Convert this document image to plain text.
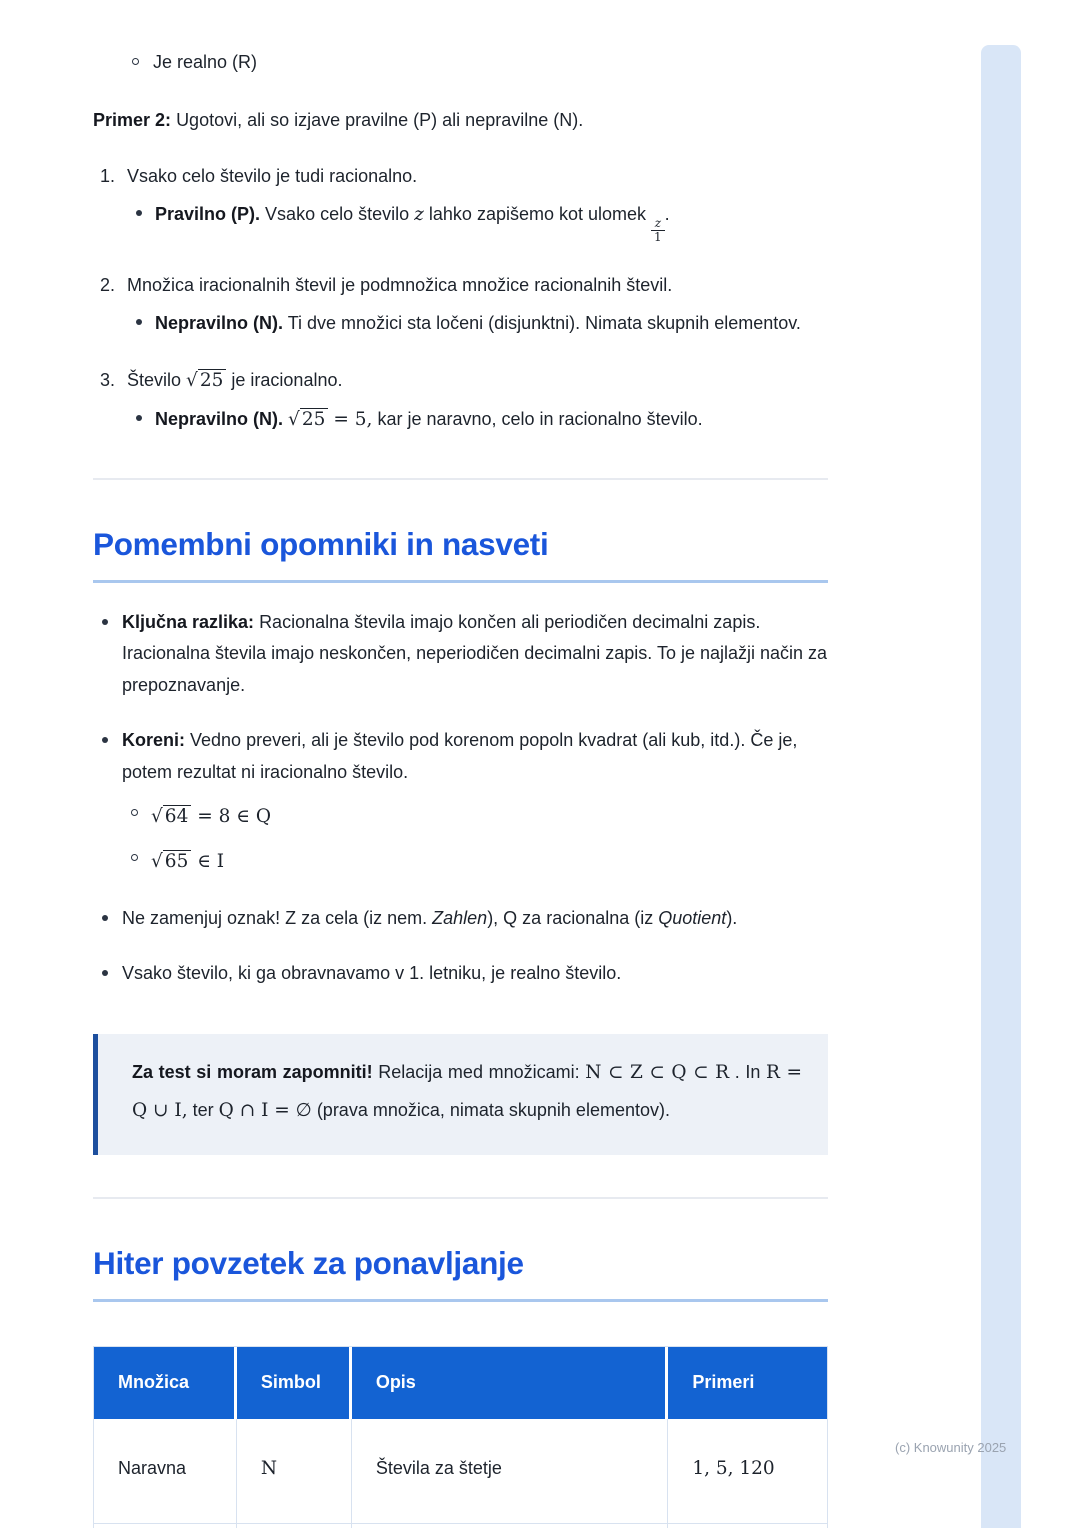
Je realno (R)

Primer 2: Ugotovi, ali so izjave pravilne (P) ali nepravilne (N).

1. Vsako celo število je tudi racionalno.
Pravilno (P). Vsako celo število z lahko zapišemo kot ulomek
$\frac{z}{1}$
.
2. Množica iracionalnih števil je podmnožica množice racionalnih števil.
Nepravilno (N). Ti dve množici sta ločeni (disjunktni). Nimata skupnih elementov.
3. Število √ 25 je iracionalno.
Nepravilno (N). √ 25 = 5, kar je naravno, celo in racionalno število.
Pomembni opomniki in nasveti
Ključna razlika: Racionalna števila imajo končen ali periodičen decimalni zapis. Iracionalna števila imajo neskončen, neperiodičen decimalni zapis. To je najlažji način za prepoznavanje.
Koreni: Vedno preveri, ali je število pod korenom popoln kvadrat (ali kub, itd.). Če je, potem rezultat ni iracionalno število.
√ 64 = 8 ∈ Q
√ 65 ∈ I
Ne zamenjuj oznak! Z za cela (iz nem. Zahlen), Q za racionalna (iz Quotient).
Vsako število, ki ga obravnavamo v 1. letniku, je realno število.
Za test si moram zapomniti! Relacija med množicami: N ⊂ Z ⊂ Q ⊂ R . In R = Q ∪ I, ter Q ∩ I = ∅ (prava množica, nimata skupnih elementov).
Hiter povzetek za ponavljanje
Množica	Simbol	Opis	Primeri
Naravna	N	Števila za štetje	1, 5, 120

(c) Knowunity 2025
